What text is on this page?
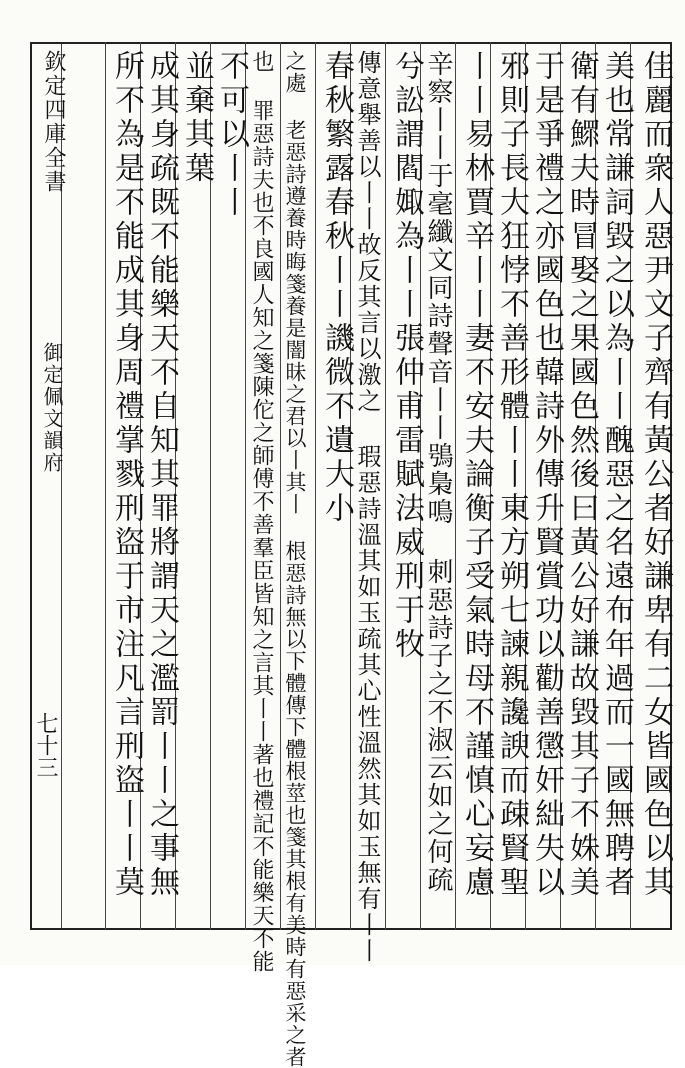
欽定四庫全書
御定佩文韻府
七十三	佳麗而衆人惡尹文子齊有黃公者好謙卑有二女皆國色以其
美也常謙詞毀之以為丨丨醜惡之名遠布年過而一國無聘者
衛有鰥夫時冒娶之果國色然後曰黃公好謙故毀其子不姝美
于是爭禮之亦國色也韓詩外傳升賢賞功以勸善懲奸絀失以
邪則子長大狂悖不善形體丨丨東方朔七諫親讒諛而疎賢聖
丨丨易林賈辛丨丨妻不安夫論衡子受氣時母不謹慎心妄慮
辛察丨丨于毫纖文同詩聲音丨丨鴞梟鳴 刺惡詩子之不淑云如之何疏
兮訟謂閻娵為丨丨張仲甫雷賦法威刑于牧
傳意舉善以丨丨故反其言以激之 瑕惡詩溫其如玉疏其心性溫然其如玉無有丨丨
春秋繁露春秋丨丨譏微不遺大小
之處 老惡詩遵養時晦箋養是闇昧之君以丨其丨 根惡詩無以下體傳下體根莖也箋其根有美時有惡采之者
也 罪惡詩夫也不良國人知之箋陳佗之師傅不善羣臣皆知之言其丨丨著也禮記不能樂天不能
不可以丨丨
並棄其葉
成其身疏既不能樂天不自知其罪將謂天之濫罰丨丨之事無
所不為是不能成其身周禮掌戮刑盜于市注凡言刑盜丨丨莫
